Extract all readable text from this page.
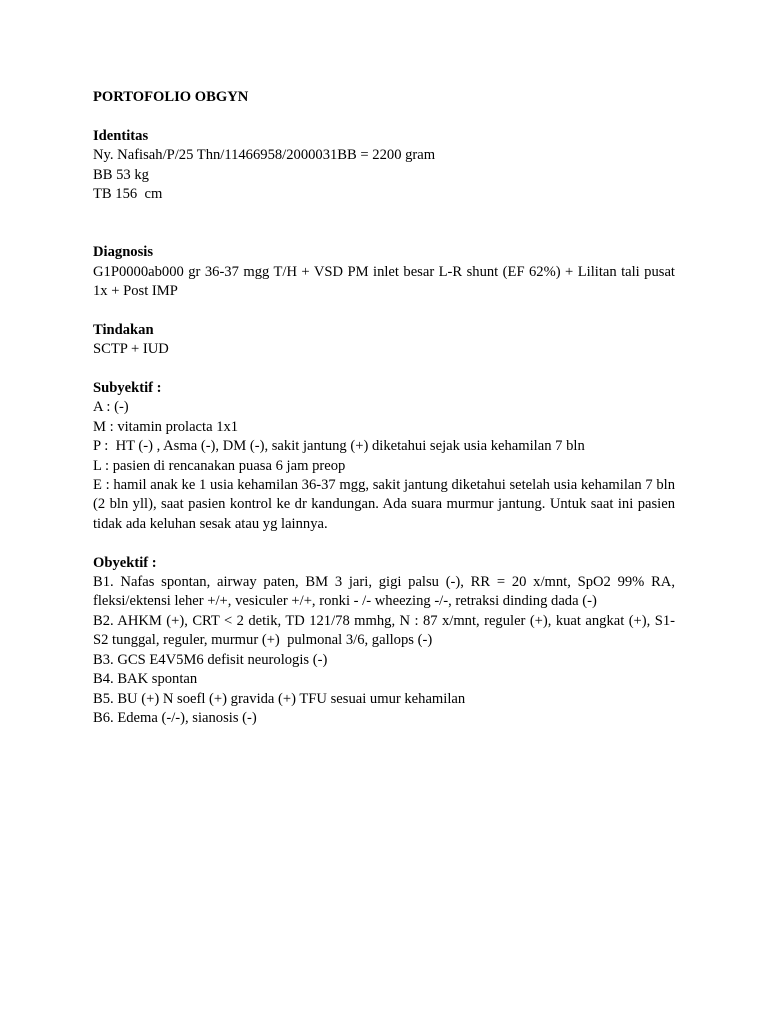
PORTOFOLIO OBGYN

Identitas

Ny. Nafisah/P/25 Thn/11466958/2000031BB = 2200 gram

BB 53 kg

TB 156  cm

Diagnosis

G1P0000ab000 gr 36-37 mgg T/H + VSD PM inlet besar L-R shunt (EF 62%) + Lilitan tali pusat 1x + Post IMP

Tindakan

SCTP + IUD

Subyektif :

A : (-)

M : vitamin prolacta 1x1

P :  HT (-) , Asma (-), DM (-), sakit jantung (+) diketahui sejak usia kehamilan 7 bln

L : pasien di rencanakan puasa 6 jam preop

E : hamil anak ke 1 usia kehamilan 36-37 mgg, sakit jantung diketahui setelah usia kehamilan 7 bln (2 bln yll), saat pasien kontrol ke dr kandungan. Ada suara murmur jantung. Untuk saat ini pasien tidak ada keluhan sesak atau yg lainnya.

Obyektif :

B1. Nafas spontan, airway paten, BM 3 jari, gigi palsu (-), RR = 20 x/mnt, SpO2 99% RA, fleksi/ektensi leher +/+, vesiculer +/+, ronki - /- wheezing -/-, retraksi dinding dada (-)

B2. AHKM (+), CRT < 2 detik, TD 121/78 mmhg, N : 87 x/mnt, reguler (+), kuat angkat (+), S1-S2 tunggal, reguler, murmur (+)  pulmonal 3/6, gallops (-)

B3. GCS E4V5M6 defisit neurologis (-)

B4. BAK spontan

B5. BU (+) N soefl (+) gravida (+) TFU sesuai umur kehamilan

B6. Edema (-/-), sianosis (-)
